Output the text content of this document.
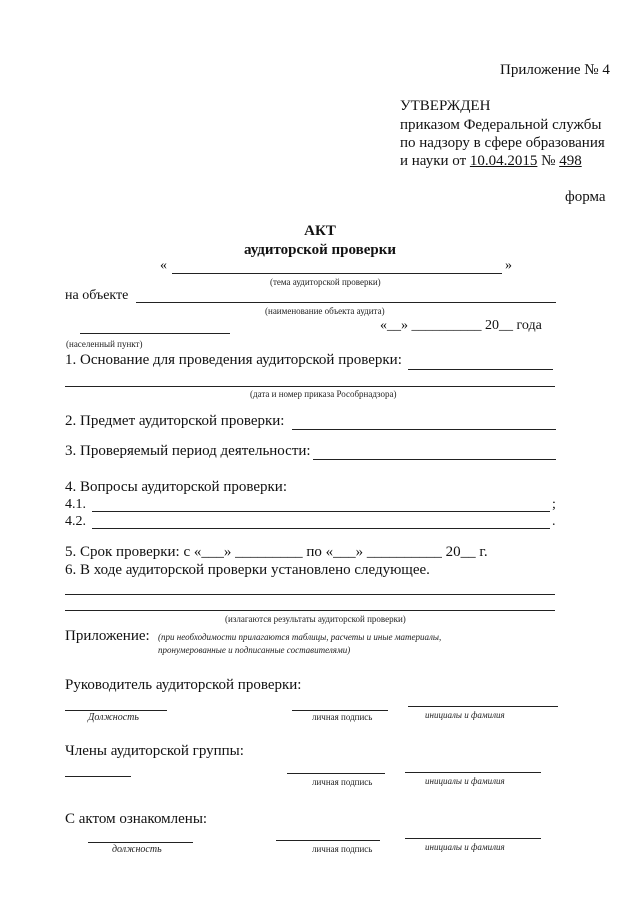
Приложение № 4
УТВЕРЖДЕН
приказом Федеральной службы
по надзору в сфере образования
и науки от 10.04.2015 № 498
форма
АКТ
аудиторской проверки
«	»
(тема аудиторской проверки)
на объекте
(наименование объекта аудита)
«__» __________ 20__ года
(населенный пункт)
1. Основание для проведения аудиторской проверки:
(дата и номер приказа Рособрнадзора)
2. Предмет аудиторской проверки:
3. Проверяемый период деятельности:
4. Вопросы аудиторской проверки:
4.1.	;
4.2.	.
5. Срок проверки: с «___» _________ по «___» __________ 20__ г.
6. В ходе аудиторской проверки установлено следующее.
(излагаются результаты аудиторской проверки)
Приложение: (при необходимости прилагаются таблицы, расчеты и иные материалы,
пронумерованные и подписанные составителями)
Руководитель аудиторской проверки:
Должность	личная подпись	инициалы и фамилия
Члены аудиторской группы:
личная подпись	инициалы и фамилия
С актом ознакомлены:
должность	личная подпись	инициалы и фамилия
